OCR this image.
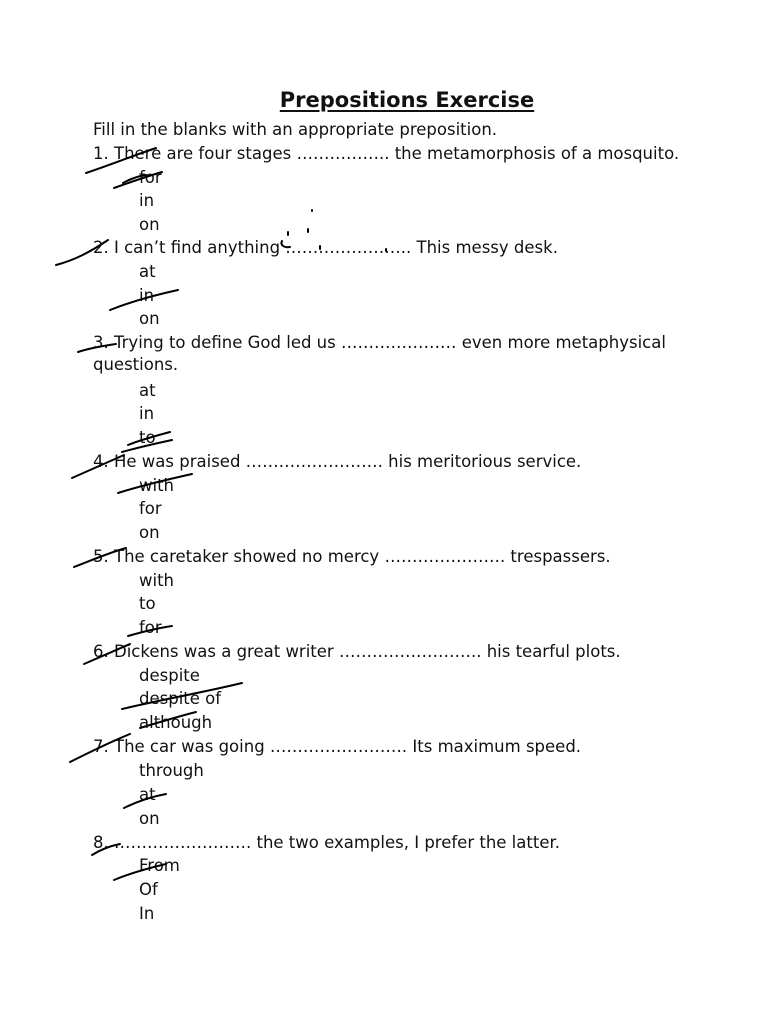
Prepositions Exercise
Fill in the blanks with an appropriate preposition.
1. There are four stages …………….. the metamorphosis of a mosquito.
for
in
on
2. I can’t find anything ………………….. This messy desk.
at
in
on
3. Trying to define God led us ………………… even more metaphysical questions.
at
in
to
4. He was praised ……………………. his meritorious service.
with
for
on
5. The caretaker showed no mercy …………………. trespassers.
with
to
for
6. Dickens was a great writer …………………….. his tearful plots.
despite
despite of
although
7. The car was going ……………………. Its maximum speed.
through
at
on
8. ……………………. the two examples, I prefer the latter.
From
Of
In
